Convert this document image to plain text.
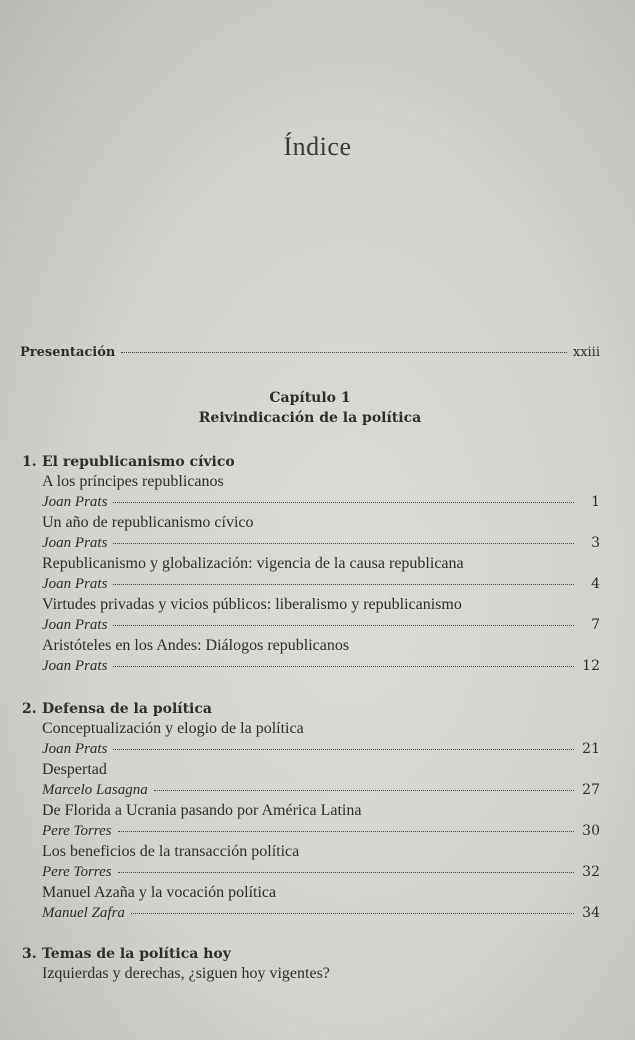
Índice
Presentación	xxiii
Capítulo 1
Reivindicación de la política
1. El republicanismo cívico
A los príncipes republicanos
Joan Prats	1
Un año de republicanismo cívico
Joan Prats	3
Republicanismo y globalización: vigencia de la causa republicana
Joan Prats	4
Virtudes privadas y vicios públicos: liberalismo y republicanismo
Joan Prats	7
Aristóteles en los Andes: Diálogos republicanos
Joan Prats	12
2. Defensa de la política
Conceptualización y elogio de la política
Joan Prats	21
Despertad
Marcelo Lasagna	27
De Florida a Ucrania pasando por América Latina
Pere Torres	30
Los beneficios de la transacción política
Pere Torres	32
Manuel Azaña y la vocación política
Manuel Zafra	34
3. Temas de la política hoy
Izquierdas y derechas, ¿siguen hoy vigentes?
